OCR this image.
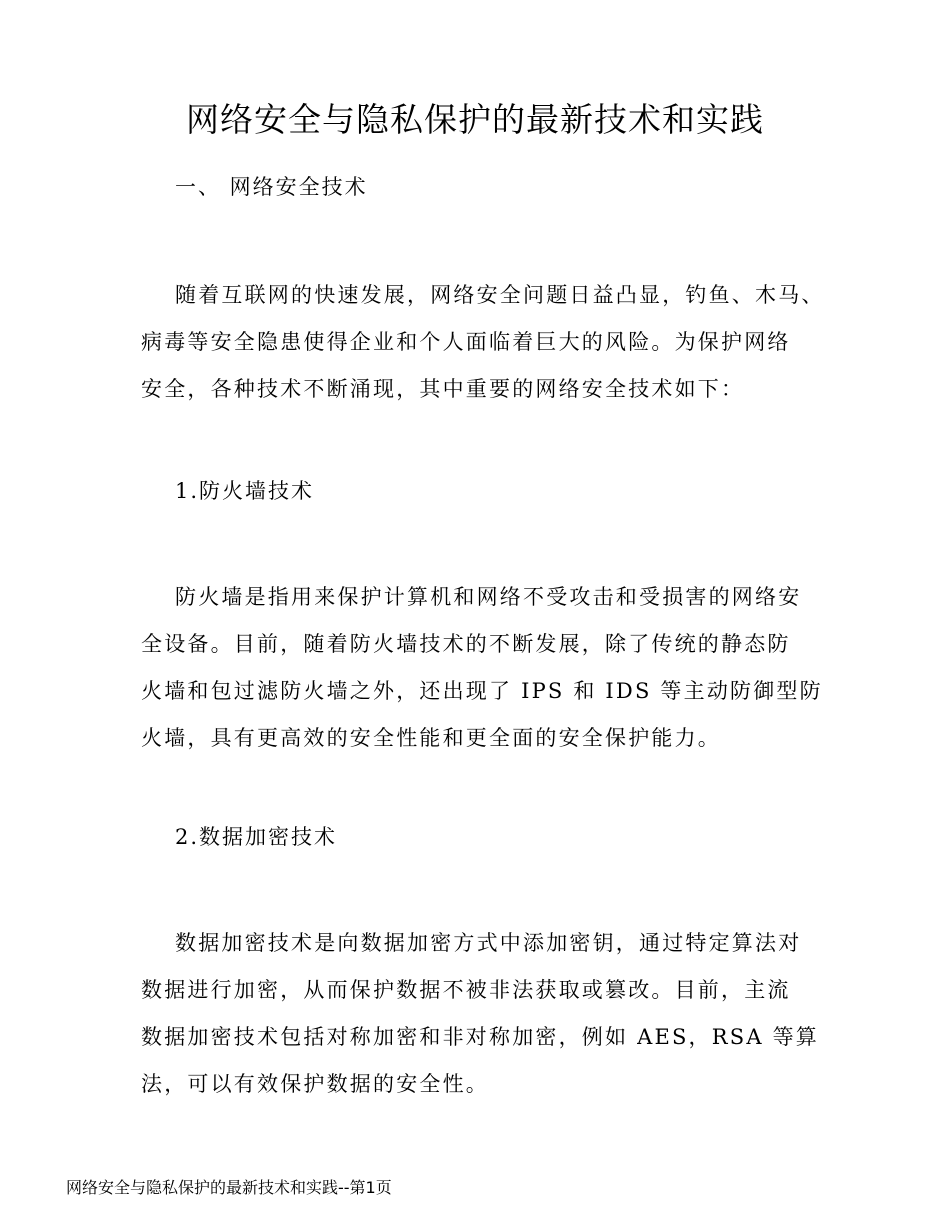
网络安全与隐私保护的最新技术和实践
一、 网络安全技术

随着互联网的快速发展，网络安全问题日益凸显，钓鱼、木马、
病毒等安全隐患使得企业和个人面临着巨大的风险。为保护网络
安全，各种技术不断涌现，其中重要的网络安全技术如下：

1.防火墙技术

防火墙是指用来保护计算机和网络不受攻击和受损害的网络安
全设备。目前，随着防火墙技术的不断发展，除了传统的静态防
火墙和包过滤防火墙之外，还出现了 IPS 和 IDS 等主动防御型防
火墙，具有更高效的安全性能和更全面的安全保护能力。

2.数据加密技术

数据加密技术是向数据加密方式中添加密钥，通过特定算法对
数据进行加密，从而保护数据不被非法获取或篡改。目前，主流
数据加密技术包括对称加密和非对称加密，例如 AES，RSA 等算
法，可以有效保护数据的安全性。

网络安全与隐私保护的最新技术和实践--第1页
